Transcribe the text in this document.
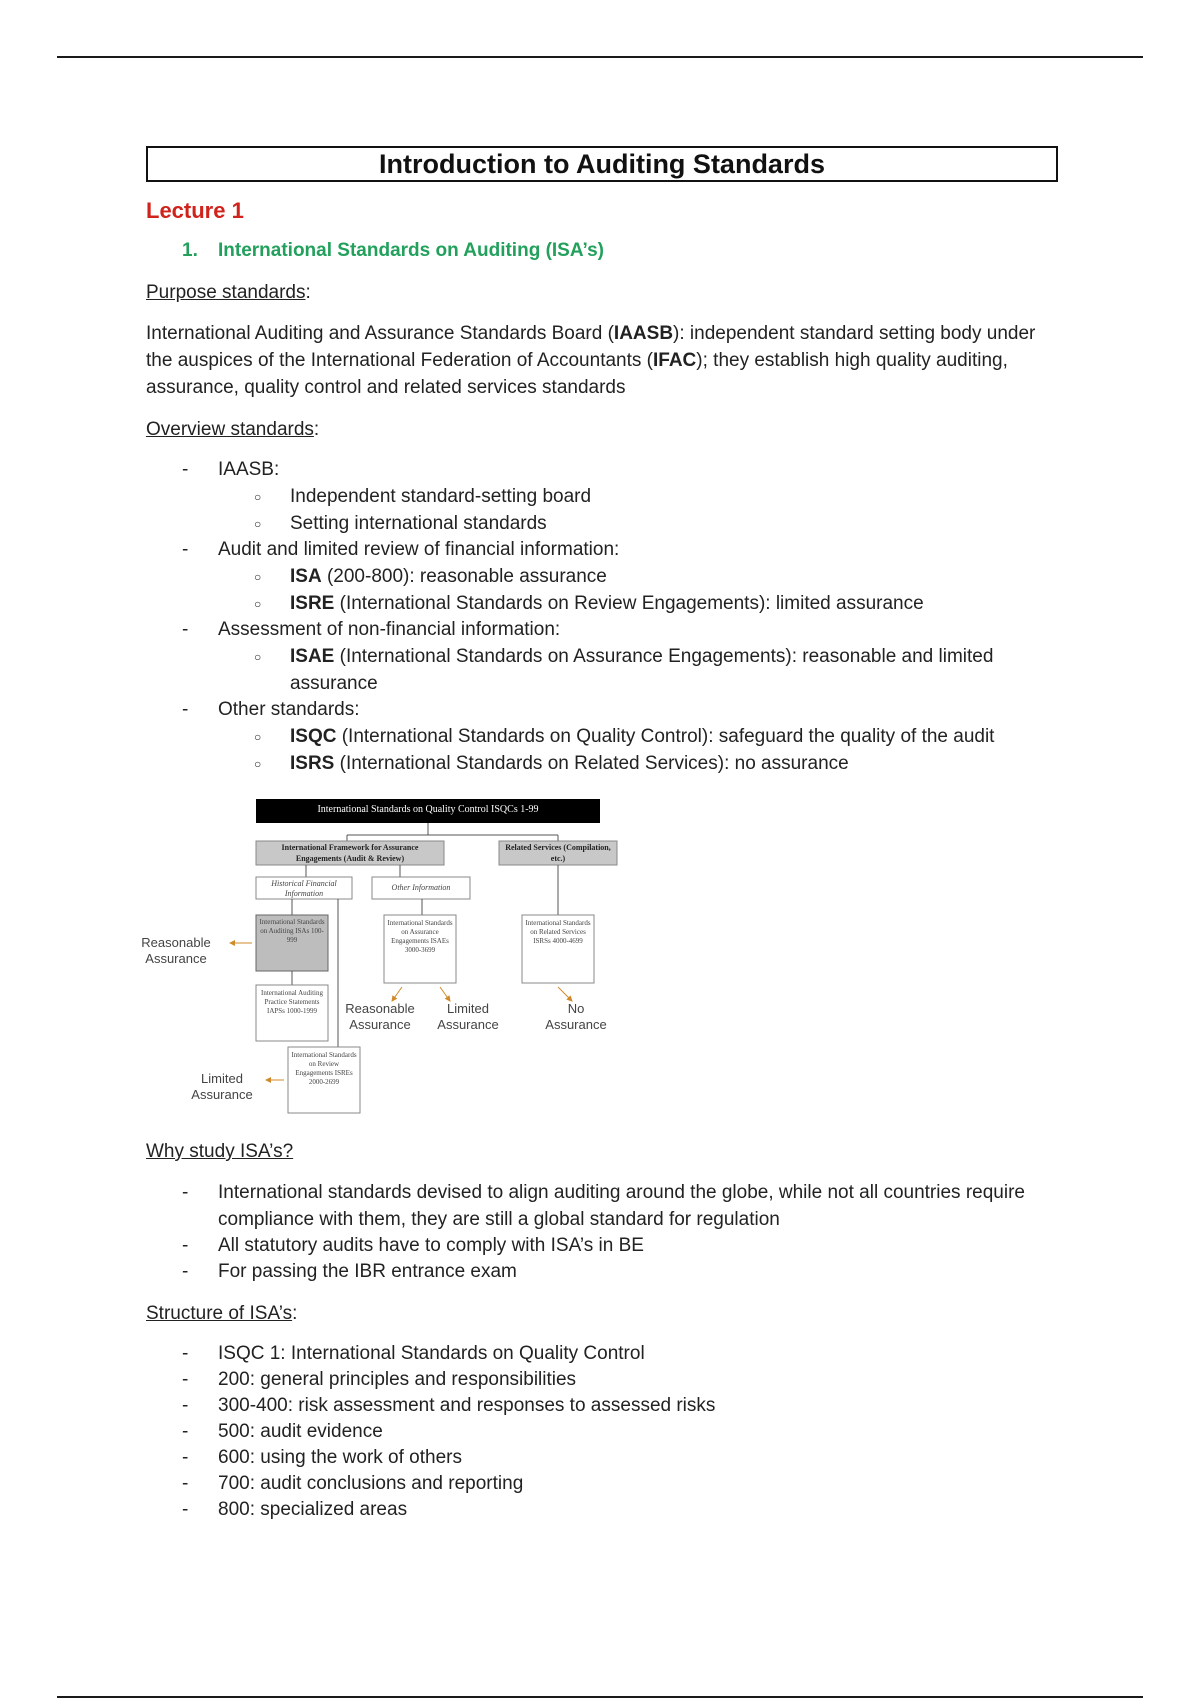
Introduction to Auditing Standards
Lecture 1
1. International Standards on Auditing (ISA’s)
Purpose standards:
International Auditing and Assurance Standards Board (IAASB): independent standard setting body under the auspices of the International Federation of Accountants (IFAC); they establish high quality auditing, assurance, quality control and related services standards
Overview standards:
- IAASB:
○ Independent standard-setting board
○ Setting international standards
- Audit and limited review of financial information:
○ ISA (200-800): reasonable assurance
○ ISRE (International Standards on Review Engagements): limited assurance
- Assessment of non-financial information:
○ ISAE (International Standards on Assurance Engagements): reasonable and limited assurance
- Other standards:
○ ISQC (International Standards on Quality Control): safeguard the quality of the audit
○ ISRS (International Standards on Related Services): no assurance
International Standards on Quality Control ISQCs 1-99
International Framework for Assurance Engagements (Audit & Review)
Related Services (Compilation, etc.)
Historical Financial Information
Other Information
International Standards on Auditing ISAs 100-999
International Standards on Assurance Engagements ISAEs 3000-3699
International Standards on Related Services ISRSs 4000-4699
International Auditing Practice Statements IAPSs 1000-1999
International Standards on Review Engagements ISREs 2000-2699
Reasonable Assurance
Reasonable Assurance
Limited Assurance
No Assurance
Limited Assurance
Why study ISA’s?
- International standards devised to align auditing around the globe, while not all countries require compliance with them, they are still a global standard for regulation
- All statutory audits have to comply with ISA’s in BE
- For passing the IBR entrance exam
Structure of ISA’s:
- ISQC 1: International Standards on Quality Control
- 200: general principles and responsibilities
- 300-400: risk assessment and responses to assessed risks
- 500: audit evidence
- 600: using the work of others
- 700: audit conclusions and reporting
- 800: specialized areas
